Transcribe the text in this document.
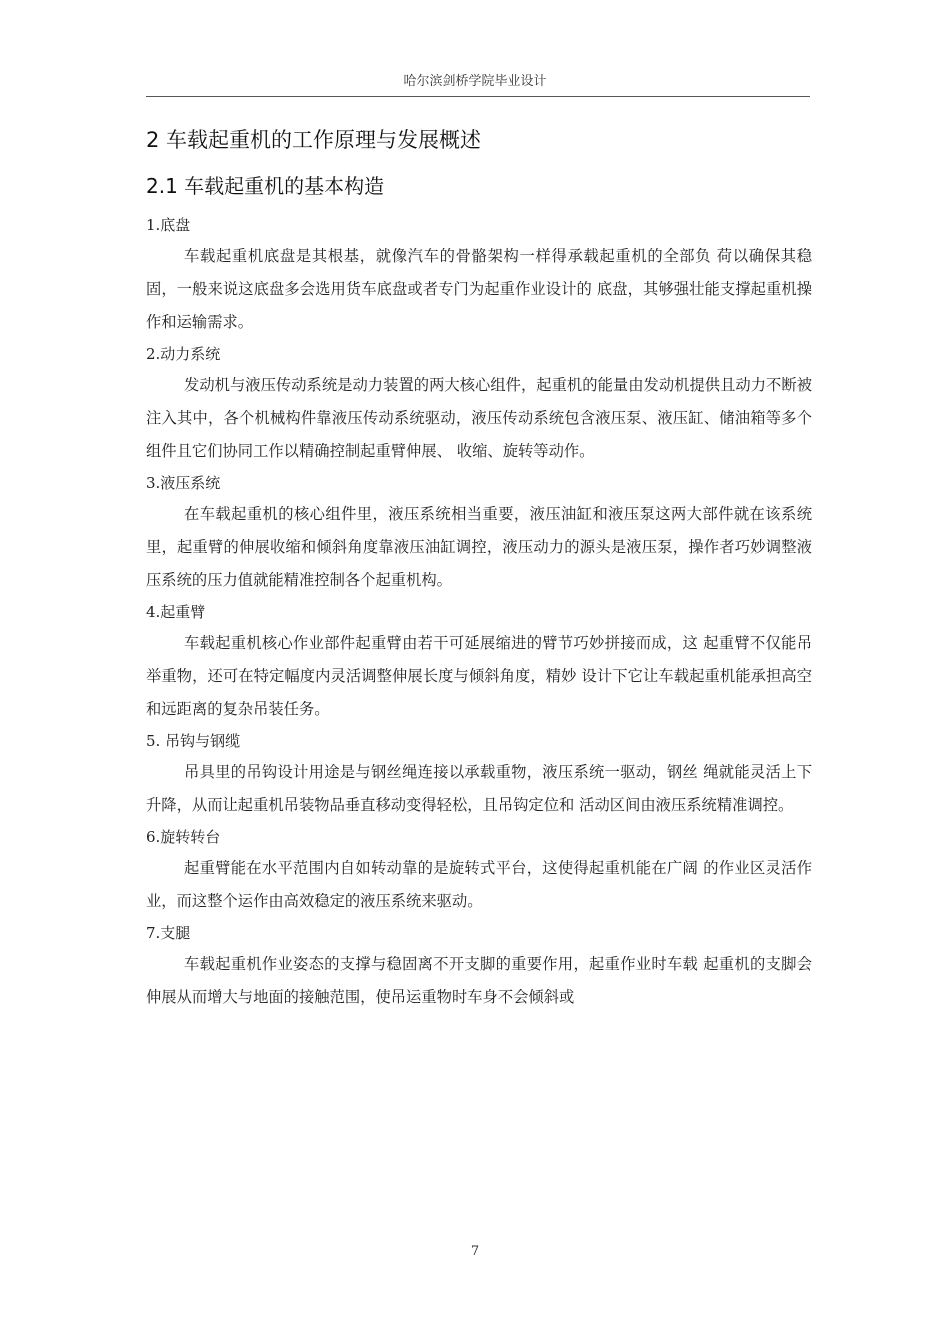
哈尔滨剑桥学院毕业设计
2 车载起重机的工作原理与发展概述
2.1 车载起重机的基本构造

1.底盘

车载起重机底盘是其根基，就像汽车的骨骼架构一样得承载起重机的全部负 荷以确保其稳固，一般来说这底盘多会选用货车底盘或者专门为起重作业设计的 底盘，其够强壮能支撑起重机操作和运输需求。

2.动力系统

发动机与液压传动系统是动力装置的两大核心组件，起重机的能量由发动机提供且动力不断被注入其中，各个机械构件靠液压传动系统驱动，液压传动系统包含液压泵、液压缸、储油箱等多个组件且它们协同工作以精确控制起重臂伸展、 收缩、旋转等动作。

3.液压系统

在车载起重机的核心组件里，液压系统相当重要，液压油缸和液压泵这两大部件就在该系统里，起重臂的伸展收缩和倾斜角度靠液压油缸调控，液压动力的源头是液压泵，操作者巧妙调整液压系统的压力值就能精准控制各个起重机构。

4.起重臂

车载起重机核心作业部件起重臂由若干可延展缩进的臂节巧妙拼接而成，这 起重臂不仅能吊举重物，还可在特定幅度内灵活调整伸展长度与倾斜角度，精妙 设计下它让车载起重机能承担高空和远距离的复杂吊装任务。

5. 吊钩与钢缆

吊具里的吊钩设计用途是与钢丝绳连接以承载重物，液压系统一驱动，钢丝 绳就能灵活上下升降，从而让起重机吊装物品垂直移动变得轻松，且吊钩定位和 活动区间由液压系统精准调控。

6.旋转转台

起重臂能在水平范围内自如转动靠的是旋转式平台，这使得起重机能在广阔 的作业区灵活作业，而这整个运作由高效稳定的液压系统来驱动。

7.支腿

车载起重机作业姿态的支撑与稳固离不开支脚的重要作用，起重作业时车载 起重机的支脚会伸展从而增大与地面的接触范围，使吊运重物时车身不会倾斜或

7
